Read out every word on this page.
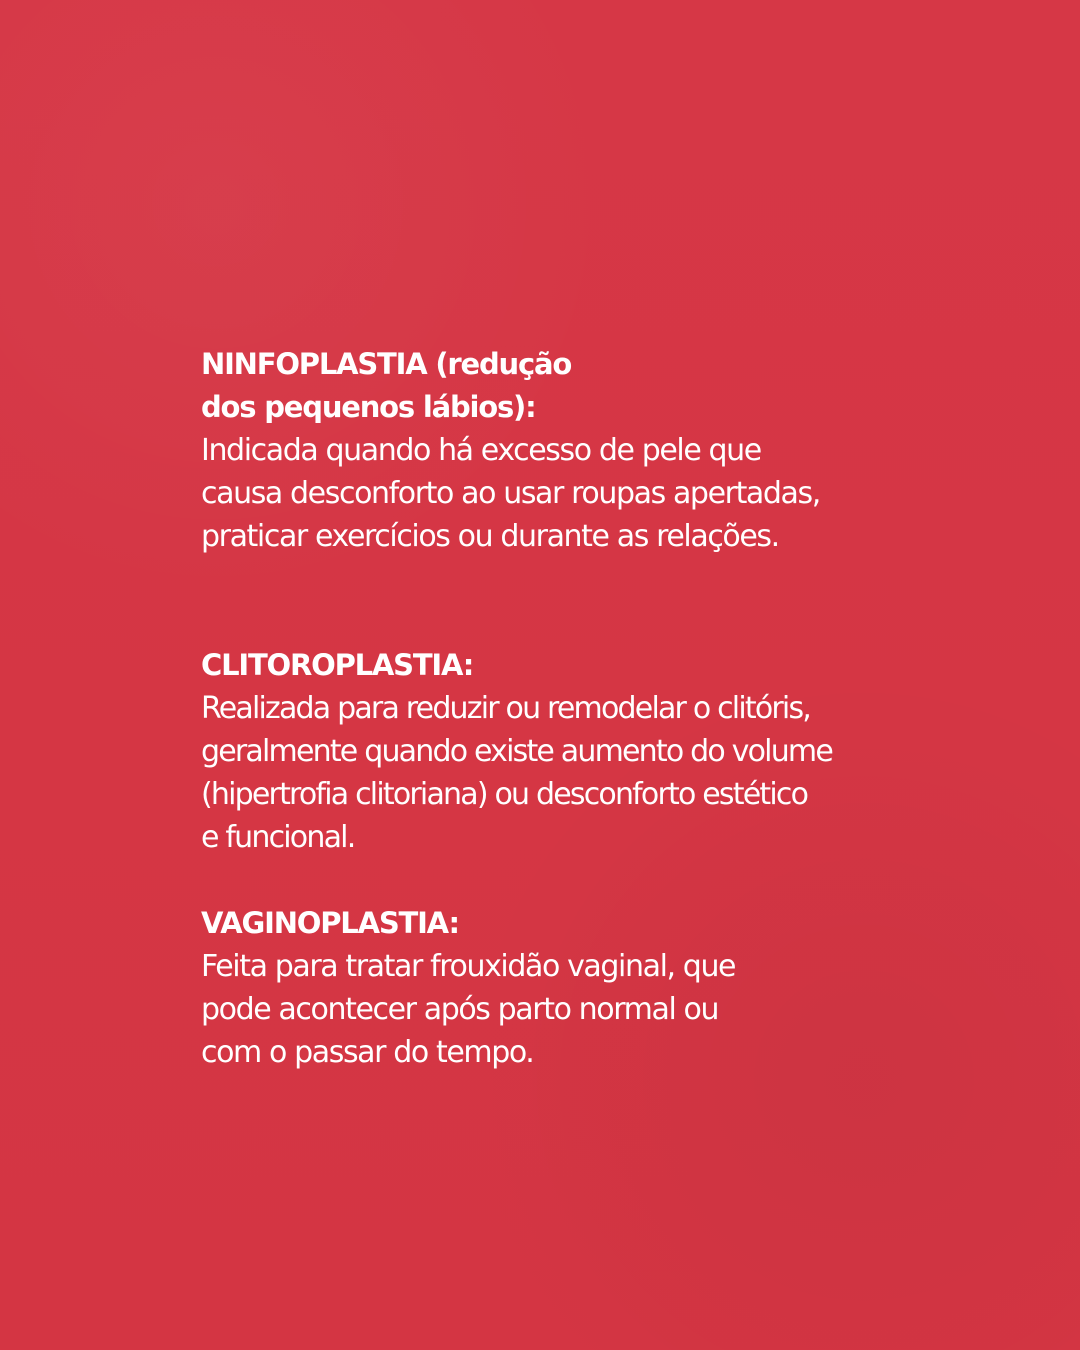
NINFOPLASTIA (redução
dos pequenos lábios):
Indicada quando há excesso de pele que
causa desconforto ao usar roupas apertadas,
praticar exercícios ou durante as relações.
CLITOROPLASTIA:
Realizada para reduzir ou remodelar o clitóris,
geralmente quando existe aumento do volume
(hipertrofia clitoriana) ou desconforto estético
e funcional.
VAGINOPLASTIA:
Feita para tratar frouxidão vaginal, que
pode acontecer após parto normal ou
com o passar do tempo.
